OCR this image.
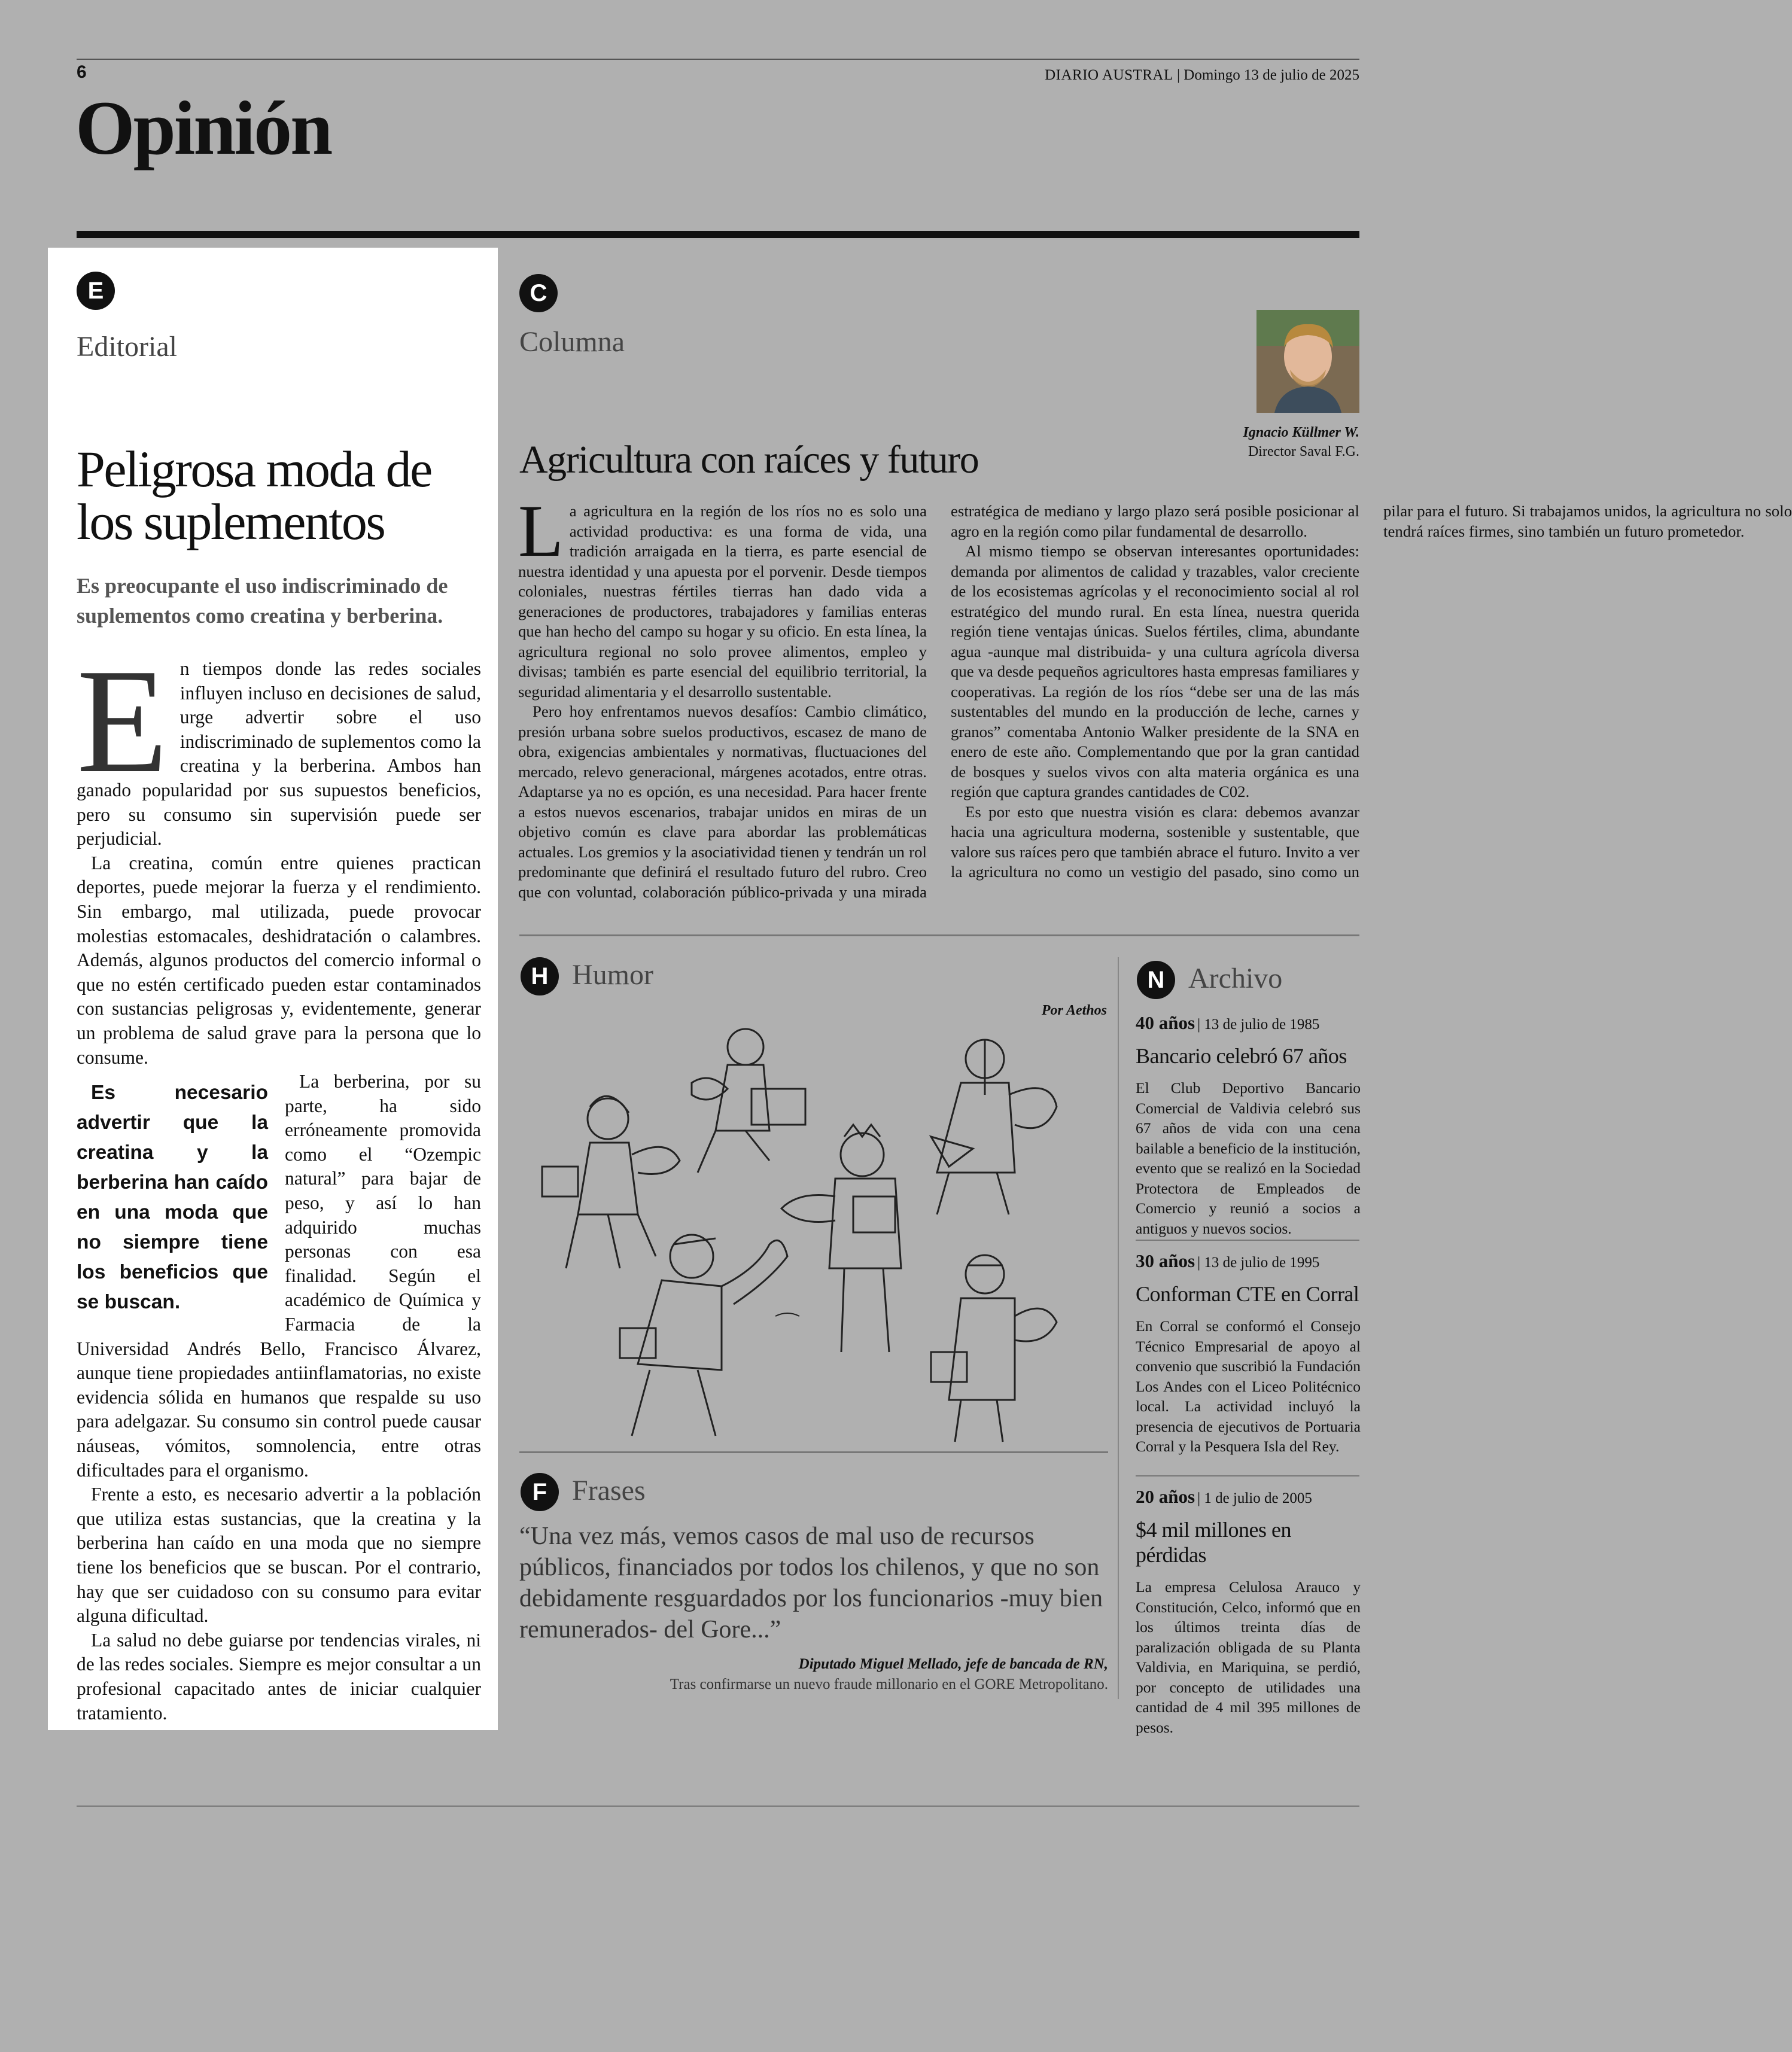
6	DIARIO AUSTRAL | Domingo 13 de julio de 2025
Opinión
E
Editorial
Peligrosa moda de los suplementos
Es preocupante el uso indiscriminado de suplementos como creatina y berberina.

En tiempos donde las redes sociales influyen incluso en decisiones de salud, urge advertir sobre el uso indiscriminado de suplementos como la creatina y la berberina. Ambos han ganado popularidad por sus supuestos beneficios, pero su consumo sin supervisión puede ser perjudicial.

La creatina, común entre quienes practican deportes, puede mejorar la fuerza y el rendimiento. Sin embargo, mal utilizada, puede provocar molestias estomacales, deshidratación o calambres. Además, algunos productos del comercio informal o que no estén certificado pueden estar contaminados con sustancias peligrosas y, evidentemente, generar un problema de salud grave para la persona que lo consume.

Es necesario advertir que la creatina y la berberina han caído en una moda que no siempre tiene los beneficios que se buscan.
La berberina, por su parte, ha sido erróneamente promovida como el “Ozempic natural” para bajar de peso, y así lo han adquirido muchas personas con esa finalidad. Según el académico de Química y Farmacia de la Universidad Andrés Bello, Francisco Álvarez, aunque tiene propiedades antiinflamatorias, no existe evidencia sólida en humanos que respalde su uso para adelgazar. Su consumo sin control puede causar náuseas, vómitos, somnolencia, entre otras dificultades para el organismo.

Frente a esto, es necesario advertir a la población que utiliza estas sustancias, que la creatina y la berberina han caído en una moda que no siempre tiene los beneficios que se buscan. Por el contrario, hay que ser cuidadoso con su consumo para evitar alguna dificultad.

La salud no debe guiarse por tendencias virales, ni de las redes sociales. Siempre es mejor consultar a un profesional capacitado antes de iniciar cualquier tratamiento.

C
Columna
Ignacio Küllmer W.
Director Saval F.G.
Agricultura con raíces y futuro

La agricultura en la región de los ríos no es solo una actividad productiva: es una forma de vida, una tradición arraigada en la tierra, es parte esencial de nuestra identidad y una apuesta por el porvenir. Desde tiempos coloniales, nuestras fértiles tierras han dado vida a generaciones de productores, trabajadores y familias enteras que han hecho del campo su hogar y su oficio. En esta línea, la agricultura regional no solo provee alimentos, empleo y divisas; también es parte esencial del equilibrio territorial, la seguridad alimentaria y el desarrollo sustentable.

Pero hoy enfrentamos nuevos desafíos: Cambio climático, presión urbana sobre suelos productivos, escasez de mano de obra, exigencias ambientales y normativas, fluctuaciones del mercado, relevo generacional, márgenes acotados, entre otras. Adaptarse ya no es opción, es una necesidad. Para hacer frente a estos nuevos escenarios, trabajar unidos en miras de un objetivo común es clave para abordar las problemáticas actuales. Los gremios y la asociatividad tienen y tendrán un rol predominante que definirá el resultado futuro del rubro. Creo que con voluntad, colaboración público-privada y una mirada estratégica de mediano y largo plazo será posible posicionar al agro en la región como pilar fundamental de desarrollo.

Al mismo tiempo se observan interesantes oportunidades: demanda por alimentos de calidad y trazables, valor creciente de los ecosistemas agrícolas y el reconocimiento social al rol estratégico del mundo rural. En esta línea, nuestra querida región tiene ventajas únicas. Suelos fértiles, clima, abundante agua -aunque mal distribuida- y una cultura agrícola diversa que va desde pequeños agricultores hasta empresas familiares y cooperativas. La región de los ríos “debe ser una de las más sustentables del mundo en la producción de leche, carnes y granos” comentaba Antonio Walker presidente de la SNA en enero de este año. Complementando que por la gran cantidad de bosques y suelos vivos con alta materia orgánica es una región que captura grandes cantidades de C02.

Es por esto que nuestra visión es clara: debemos avanzar hacia una agricultura moderna, sostenible y sustentable, que valore sus raíces pero que también abrace el futuro. Invito a ver la agricultura no como un vestigio del pasado, sino como un pilar para el futuro. Si trabajamos unidos, la agricultura no solo tendrá raíces firmes, sino también un futuro prometedor.

H Humor
Por Aethos
F Frases
“Una vez más, vemos casos de mal uso de recursos públicos, financiados por todos los chilenos, y que no son debidamente resguardados por los funcionarios -muy bien remunerados- del Gore...”
Diputado Miguel Mellado, jefe de bancada de RN,
Tras confirmarse un nuevo fraude millonario en el GORE Metropolitano.
N Archivo
40 años | 13 de julio de 1985
Bancario celebró 67 años
El Club Deportivo Bancario Comercial de Valdivia celebró sus 67 años de vida con una cena bailable a beneficio de la institución, evento que se realizó en la Sociedad Protectora de Empleados de Comercio y reunió a socios a antiguos y nuevos socios.
30 años | 13 de julio de 1995
Conforman CTE en Corral
En Corral se conformó el Consejo Técnico Empresarial de apoyo al convenio que suscribió la Fundación Los Andes con el Liceo Politécnico local. La actividad incluyó la presencia de ejecutivos de Portuaria Corral y la Pesquera Isla del Rey.
20 años | 1 de julio de 2005
$4 mil millones en pérdidas
La empresa Celulosa Arauco y Constitución, Celco, informó que en los últimos treinta días de paralización obligada de su Planta Valdivia, en Mariquina, se perdió, por concepto de utilidades una cantidad de 4 mil 395 millones de pesos.
